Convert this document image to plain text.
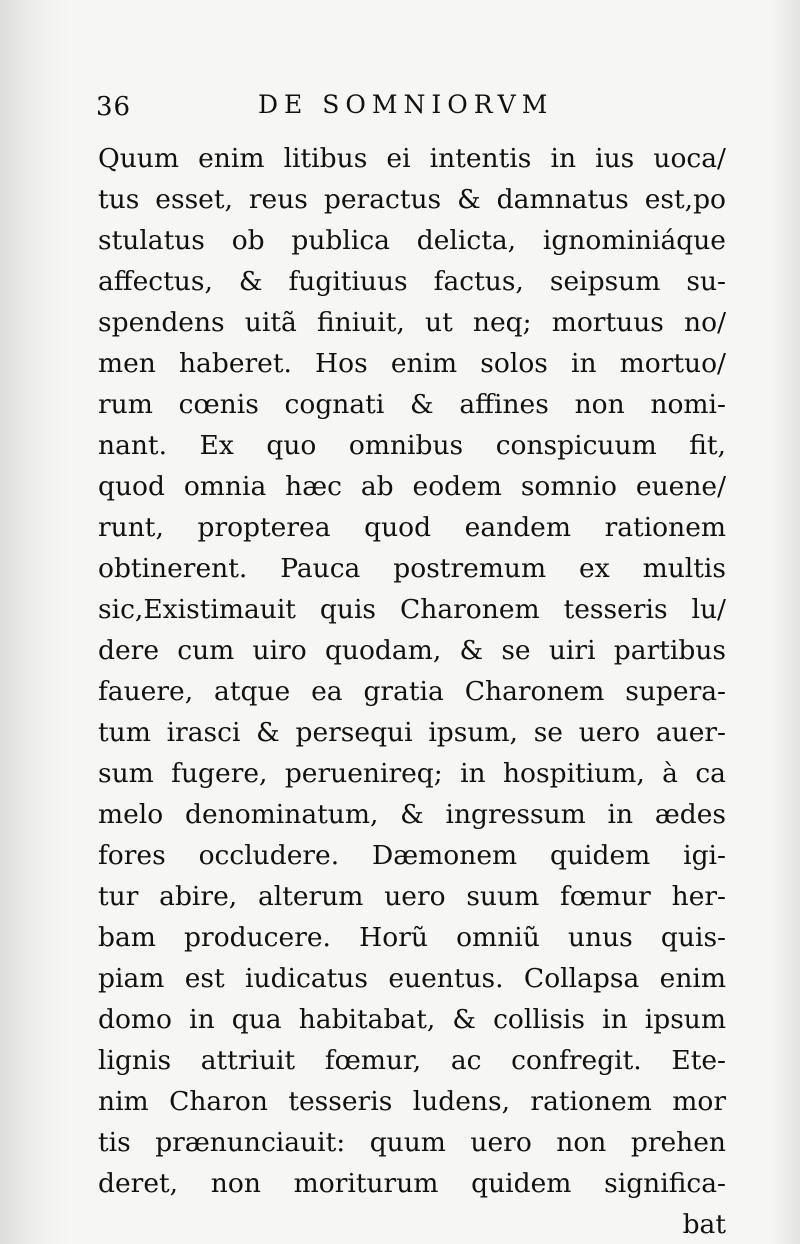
36	DE SOMNIORVM
Quum enim litibus ei intentis in ius uoca/
tus esset, reus peractus & damnatus est,po
stulatus ob publica delicta, ignominiáque
affectus, & fugitiuus factus, seipsum su-
spendens uitã finiuit, ut neq; mortuus no/
men haberet. Hos enim solos in mortuo/
rum cœnis cognati & affines non nomi-
nant. Ex quo omnibus conspicuum fit,
quod omnia hæc ab eodem somnio euene/
runt, propterea quod eandem rationem
obtinerent. Pauca postremum ex multis
sic,Existimauit quis Charonem tesseris lu/
dere cum uiro quodam, & se uiri partibus
fauere, atque ea gratia Charonem supera-
tum irasci & persequi ipsum, se uero auer-
sum fugere, peruenireq; in hospitium, à ca
melo denominatum, & ingressum in ædes
fores occludere. Dæmonem quidem igi-
tur abire, alterum uero suum fœmur her-
bam producere. Horũ omniũ unus quis-
piam est iudicatus euentus. Collapsa enim
domo in qua habitabat, & collisis in ipsum
lignis attriuit fœmur, ac confregit. Ete-
nim Charon tesseris ludens, rationem mor
tis prænunciauit: quum uero non prehen
deret, non moriturum quidem significa-
bat
